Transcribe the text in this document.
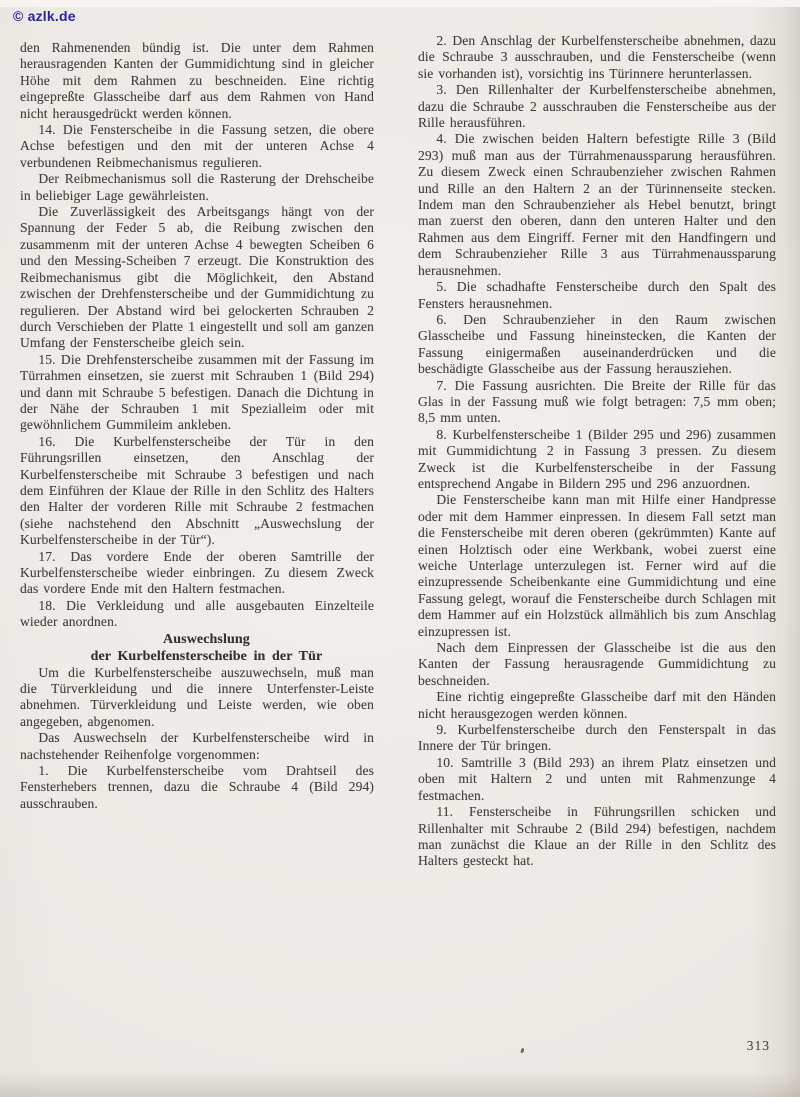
© azlk.de

den Rahmenenden bündig ist. Die unter dem Rahmen herausragenden Kanten der Gummidichtung sind in gleicher Höhe mit dem Rahmen zu beschneiden. Eine richtig eingepreßte Glasscheibe darf aus dem Rahmen von Hand nicht herausgedrückt werden können.

14. Die Fensterscheibe in die Fassung setzen, die obere Achse befestigen und den mit der unteren Achse 4 verbundenen Reibmechanismus regulieren.

Der Reibmechanismus soll die Rasterung der Drehscheibe in beliebiger Lage gewährleisten.

Die Zuverlässigkeit des Arbeitsgangs hängt von der Spannung der Feder 5 ab, die Reibung zwischen den zusammenm mit der unteren Achse 4 bewegten Scheiben 6 und den Messing-Scheiben 7 erzeugt. Die Konstruktion des Reibmechanismus gibt die Möglichkeit, den Abstand zwischen der Drehfensterscheibe und der Gummidichtung zu regulieren. Der Abstand wird bei gelockerten Schrauben 2 durch Verschieben der Platte 1 eingestellt und soll am ganzen Umfang der Fensterscheibe gleich sein.

15. Die Drehfensterscheibe zusammen mit der Fassung im Türrahmen einsetzen, sie zuerst mit Schrauben 1 (Bild 294) und dann mit Schraube 5 befestigen. Danach die Dichtung in der Nähe der Schrauben 1 mit Spezialleim oder mit gewöhnlichem Gummileim ankleben.

16. Die Kurbelfensterscheibe der Tür in den Führungsrillen einsetzen, den Anschlag der Kurbelfensterscheibe mit Schraube 3 befestigen und nach dem Einführen der Klaue der Rille in den Schlitz des Halters den Halter der vorderen Rille mit Schraube 2 festmachen (siehe nachstehend den Abschnitt „Auswechslung der Kurbelfensterscheibe in der Tür“).

17. Das vordere Ende der oberen Samtrille der Kurbelfensterscheibe wieder einbringen. Zu diesem Zweck das vordere Ende mit den Haltern festmachen.

18. Die Verkleidung und alle ausgebauten Einzelteile wieder anordnen.

Auswechslung
der Kurbelfensterscheibe in der Tür

Um die Kurbelfensterscheibe auszuwechseln, muß man die Türverkleidung und die innere Unterfenster-Leiste abnehmen. Türverkleidung und Leiste werden, wie oben angegeben, abgenomen.

Das Auswechseln der Kurbelfensterscheibe wird in nachstehender Reihenfolge vorgenommen:

1. Die Kurbelfensterscheibe vom Drahtseil des Fensterhebers trennen, dazu die Schraube 4 (Bild 294) ausschrauben.

2. Den Anschlag der Kurbelfensterscheibe abnehmen, dazu die Schraube 3 ausschrauben, und die Fensterscheibe (wenn sie vorhanden ist), vorsichtig ins Türinnere herunterlassen.

3. Den Rillenhalter der Kurbelfensterscheibe abnehmen, dazu die Schraube 2 ausschrauben die Fensterscheibe aus der Rille herausführen.

4. Die zwischen beiden Haltern befestigte Rille 3 (Bild 293) muß man aus der Türrahmenaussparung herausführen. Zu diesem Zweck einen Schraubenzieher zwischen Rahmen und Rille an den Haltern 2 an der Türinnenseite stecken. Indem man den Schraubenzieher als Hebel benutzt, bringt man zuerst den oberen, dann den unteren Halter und den Rahmen aus dem Eingriff. Ferner mit den Handfingern und dem Schraubenzieher Rille 3 aus Türrahmenaussparung herausnehmen.

5. Die schadhafte Fensterscheibe durch den Spalt des Fensters herausnehmen.

6. Den Schraubenzieher in den Raum zwischen Glasscheibe und Fassung hineinstecken, die Kanten der Fassung einigermaßen auseinanderdrücken und die beschädigte Glasscheibe aus der Fassung herausziehen.

7. Die Fassung ausrichten. Die Breite der Rille für das Glas in der Fassung muß wie folgt betragen: 7,5 mm oben; 8,5 mm unten.

8. Kurbelfensterscheibe 1 (Bilder 295 und 296) zusammen mit Gummidichtung 2 in Fassung 3 pressen. Zu diesem Zweck ist die Kurbelfensterscheibe in der Fassung entsprechend Angabe in Bildern 295 und 296 anzuordnen.

Die Fensterscheibe kann man mit Hilfe einer Handpresse oder mit dem Hammer einpressen. In diesem Fall setzt man die Fensterscheibe mit deren oberen (gekrümmten) Kante auf einen Holztisch oder eine Werkbank, wobei zuerst eine weiche Unterlage unterzulegen ist. Ferner wird auf die einzupressende Scheibenkante eine Gummidichtung und eine Fassung gelegt, worauf die Fensterscheibe durch Schlagen mit dem Hammer auf ein Holzstück allmählich bis zum Anschlag einzupressen ist.

Nach dem Einpressen der Glasscheibe ist die aus den Kanten der Fassung herausragende Gummidichtung zu beschneiden.

Eine richtig eingepreßte Glasscheibe darf mit den Händen nicht herausgezogen werden können.

9. Kurbelfensterscheibe durch den Fensterspalt in das Innere der Tür bringen.

10. Samtrille 3 (Bild 293) an ihrem Platz einsetzen und oben mit Haltern 2 und unten mit Rahmenzunge 4 festmachen.

11. Fensterscheibe in Führungsrillen schicken und Rillenhalter mit Schraube 2 (Bild 294) befestigen, nachdem man zunächst die Klaue an der Rille in den Schlitz des Halters gesteckt hat.

313
